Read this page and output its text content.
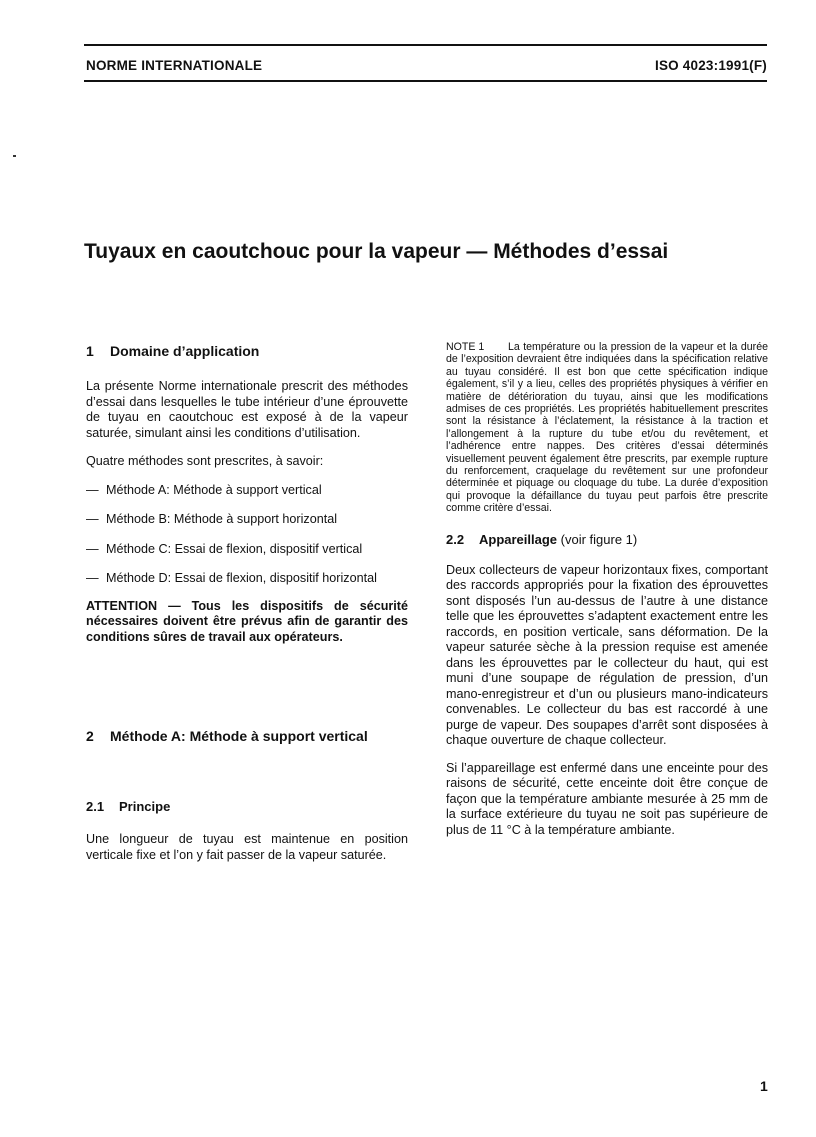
NORME INTERNATIONALE	ISO 4023:1991(F)
Tuyaux en caoutchouc pour la vapeur — Méthodes d’essai
1 Domaine d’application

La présente Norme internationale prescrit des méthodes d’essai dans lesquelles le tube intérieur d’une éprouvette de tuyau en caoutchouc est exposé à de la vapeur saturée, simulant ainsi les conditions d’utilisation.

Quatre méthodes sont prescrites, à savoir:

— Méthode A: Méthode à support vertical
— Méthode B: Méthode à support horizontal
— Méthode C: Essai de flexion, dispositif vertical
— Méthode D: Essai de flexion, dispositif horizontal

ATTENTION — Tous les dispositifs de sécurité nécessaires doivent être prévus afin de garantir des conditions sûres de travail aux opérateurs.

2 Méthode A: Méthode à support vertical
2.1 Principe

Une longueur de tuyau est maintenue en position verticale fixe et l’on y fait passer de la vapeur saturée.

NOTE 1 La température ou la pression de la vapeur et la durée de l’exposition devraient être indiquées dans la spécification relative au tuyau considéré. Il est bon que cette spécification indique également, s’il y a lieu, celles des propriétés physiques à vérifier en matière de détérioration du tuyau, ainsi que les modifications admises de ces propriétés. Les propriétés habituellement prescrites sont la résistance à l’éclatement, la résistance à la traction et l’allongement à la rupture du tube et/ou du revêtement, et l’adhérence entre nappes. Des critères d’essai déterminés visuellement peuvent également être prescrits, par exemple rupture du renforcement, craquelage du revêtement sur une profondeur déterminée et piquage ou cloquage du tube. La durée d’exposition qui provoque la défaillance du tuyau peut parfois être prescrite comme critère d’essai.

2.2 Appareillage (voir figure 1)

Deux collecteurs de vapeur horizontaux fixes, comportant des raccords appropriés pour la fixation des éprouvettes sont disposés l’un au-dessus de l’autre à une distance telle que les éprouvettes s’adaptent exactement entre les raccords, en position verticale, sans déformation. De la vapeur saturée sèche à la pression requise est amenée dans les éprouvettes par le collecteur du haut, qui est muni d’une soupape de régulation de pression, d’un mano-enregistreur et d’un ou plusieurs mano-indicateurs convenables. Le collecteur du bas est raccordé à une purge de vapeur. Des soupapes d’arrêt sont disposées à chaque ouverture de chaque collecteur.

Si l’appareillage est enfermé dans une enceinte pour des raisons de sécurité, cette enceinte doit être conçue de façon que la température ambiante mesurée à 25 mm de la surface extérieure du tuyau ne soit pas supérieure de plus de 11 °C à la température ambiante.

1
